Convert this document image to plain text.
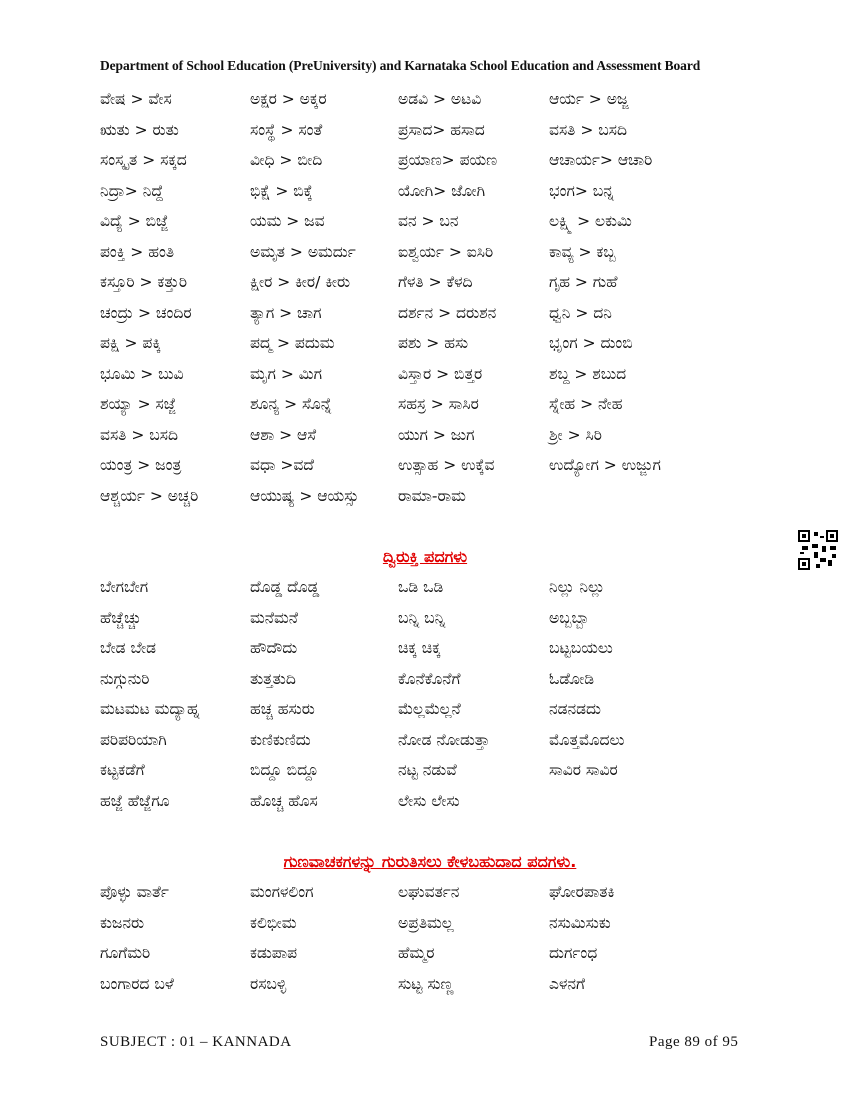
Department of School Education (PreUniversity) and Karnataka School Education and Assessment Board
ವೇಷ > ವೇಸ	ಅಕ್ಷರ > ಅಕ್ಕರ	ಅಡವಿ > ಅಟವಿ	ಆರ್ಯ > ಅಜ್ಜ
ಋತು > ರುತು	ಸಂಸ್ಥೆ > ಸಂತೆ	ಪ್ರಸಾದ> ಹಸಾದ	ವಸತಿ > ಬಸದಿ
ಸಂಸ್ಕೃತ > ಸಕ್ಕದ	ವೀಧಿ > ಬೀದಿ	ಪ್ರಯಾಣ> ಪಯಣ	ಆಚಾರ್ಯ> ಆಚಾರಿ
ನಿದ್ರಾ> ನಿದ್ದೆ	ಭಿಕ್ಷೆ > ಬಿಕ್ಕೆ	ಯೋಗಿ> ಜೋಗಿ	ಭಂಗ> ಬನ್ನ
ವಿದ್ಯೆ > ಬಿಜ್ಜೆ	ಯಮ > ಜವ	ವನ > ಬನ	ಲಕ್ಷ್ಮಿ > ಲಕುಮಿ
ಪಂಕ್ತಿ > ಹಂತಿ	ಅಮೃತ > ಅಮರ್ದು	ಐಶ್ವರ್ಯ > ಐಸಿರಿ	ಕಾವ್ಯ > ಕಬ್ಬ
ಕಸ್ತೂರಿ > ಕತ್ತುರಿ	ಕ್ಷೀರ > ಕೀರ/ ಕೀರು	ಗೆಳತಿ > ಕೆಳದಿ	ಗೃಹ > ಗುಹೆ
ಚಂದ್ರು > ಚಂದಿರ	ತ್ಯಾಗ > ಚಾಗ	ದರ್ಶನ > ದರುಶನ	ಧ್ವನಿ > ದನಿ
ಪಕ್ಷಿ > ಪಕ್ಕಿ	ಪದ್ಮ > ಪದುಮ	ಪಶು > ಹಸು	ಭೃಂಗ > ದುಂಬಿ
ಭೂಮಿ > ಬುವಿ	ಮೃಗ > ಮಿಗ	ವಿಸ್ತಾರ > ಬಿತ್ತರ	ಶಬ್ದ > ಶಬುದ
ಶಯ್ಯಾ > ಸಜ್ಜೆ	ಶೂನ್ಯ > ಸೊನ್ನೆ	ಸಹಸ್ರ > ಸಾಸಿರ	ಸ್ನೇಹ > ನೇಹ
ವಸತಿ > ಬಸದಿ	ಆಶಾ > ಆಸೆ	ಯುಗ > ಜುಗ	ಶ್ರೀ > ಸಿರಿ
ಯಂತ್ರ > ಜಂತ್ರ	ವಧಾ >ವದೆ	ಉತ್ಸಾಹ > ಉಕ್ಕೆವ	ಉದ್ಯೋಗ > ಉಜ್ಜುಗ
ಆಶ್ಚರ್ಯ > ಅಚ್ಚರಿ	ಆಯುಷ್ಯ > ಆಯಸ್ಸು	ರಾಮಾ-ರಾಮ
ದ್ವಿರುಕ್ತಿ ಪದಗಳು
ಬೇಗಬೇಗ	ದೊಡ್ಡ ದೊಡ್ಡ	ಒಡಿ ಒಡಿ	ನಿಲ್ಲು ನಿಲ್ಲು
ಹೆಚ್ಚೆಚ್ಚು	ಮನೆಮನೆ	ಬನ್ನಿ ಬನ್ನಿ	ಅಬ್ಬಬ್ಬಾ
ಬೇಡ ಬೇಡ	ಹೌದೌದು	ಚಿಕ್ಕ ಚಿಕ್ಕ	ಬಟ್ಟಬಯಲು
ನುಗ್ಗುನುರಿ	ತುತ್ತತುದಿ	ಕೊನೆಕೊನೆಗೆ	ಓಡೋಡಿ
ಮಟಮಟ ಮದ್ಯಾಹ್ನ	ಹಚ್ಚ ಹಸುರು	ಮೆಲ್ಲಮೆಲ್ಲನೆ	ನಡನಡದು
ಪರಿಪರಿಯಾಗಿ	ಕುಣಿಕುಣಿದು	ನೋಡ ನೋಡುತ್ತಾ	ಮೊತ್ತಮೊದಲು
ಕಟ್ಟಕಡೆಗೆ	ಬಿದ್ದೂ ಬಿದ್ದೂ	ನಟ್ಟ ನಡುವೆ	ಸಾವಿರ ಸಾವಿರ
ಹಜ್ಜೆ ಹೆಜ್ಜೆಗೂ	ಹೊಚ್ಚ ಹೊಸ	ಲೇಸು ಲೇಸು
ಗುಣವಾಚಕಗಳನ್ನು ಗುರುತಿಸಲು ಕೇಳಬಹುದಾದ ಪದಗಳು.
ಪೊಳ್ಳು ವಾರ್ತೆ	ಮಂಗಳಲಿಂಗ	ಲಘುವರ್ತನ	ಘೋರಪಾತಕಿ
ಕುಜನರು	ಕಲಿಭೀಮ	ಅಪ್ರತಿಮಲ್ಲ	ನಸುಮಿಸುಕು
ಗೂಗೆಮರಿ	ಕಡುಪಾಪ	ಹೆಮ್ಮರ	ದುರ್ಗಂಧ
ಬಂಗಾರದ ಬಳೆ	ರಸಬಳ್ಳಿ	ಸುಟ್ಟ ಸುಣ್ಣ	ಎಳನಗೆ
SUBJECT : 01 – KANNADA	Page 89 of 95
